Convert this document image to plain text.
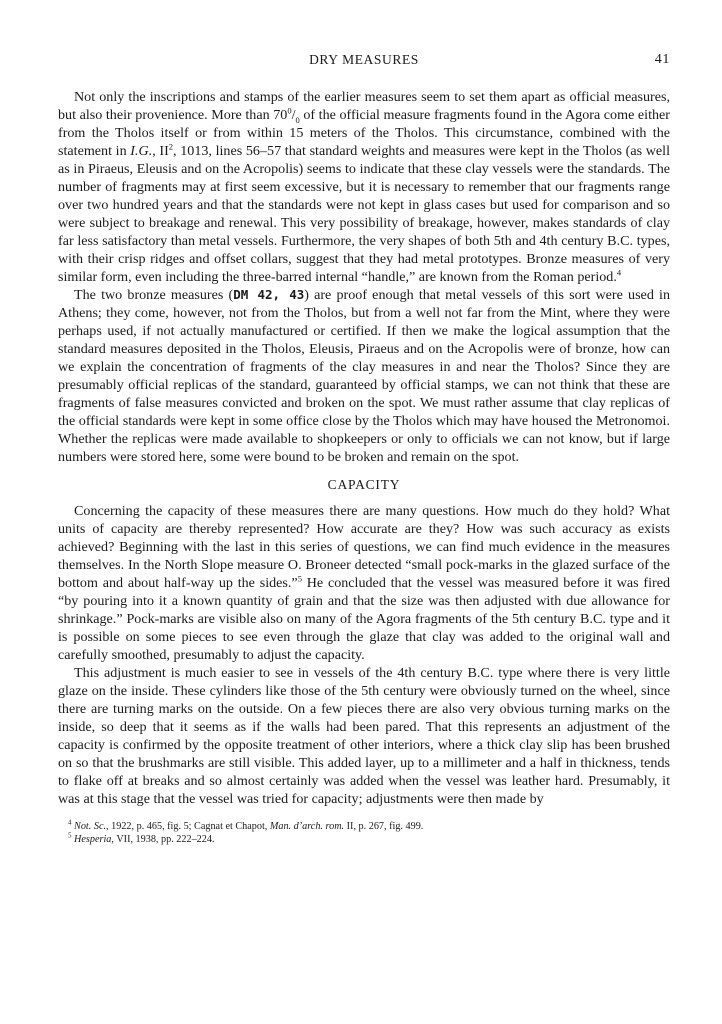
DRY MEASURES	41

Not only the inscriptions and stamps of the earlier measures seem to set them apart as official measures, but also their provenience. More than $70^0/_0$ of the official measure fragments found in the Agora come either from the Tholos itself or from within 15 meters of the Tholos. This circumstance, combined with the statement in I.G., $II^2$, 1013, lines 56–57 that standard weights and measures were kept in the Tholos (as well as in Piraeus, Eleusis and on the Acropolis) seems to indicate that these clay vessels were the standards. The number of fragments may at first seem excessive, but it is necessary to remember that our fragments range over two hundred years and that the standards were not kept in glass cases but used for comparison and so were subject to breakage and renewal. This very possibility of breakage, however, makes standards of clay far less satisfactory than metal vessels. Furthermore, the very shapes of both 5th and 4th century B.C. types, with their crisp ridges and offset collars, suggest that they had metal prototypes. Bronze measures of very similar form, even including the three-barred internal “handle,” are known from the Roman period.$^4$

The two bronze measures (DM 42, 43) are proof enough that metal vessels of this sort were used in Athens; they come, however, not from the Tholos, but from a well not far from the Mint, where they were perhaps used, if not actually manufactured or certified. If then we make the logical assumption that the standard measures deposited in the Tholos, Eleusis, Piraeus and on the Acropolis were of bronze, how can we explain the concentration of fragments of the clay measures in and near the Tholos? Since they are presumably official replicas of the standard, guaranteed by official stamps, we can not think that these are fragments of false measures convicted and broken on the spot. We must rather assume that clay replicas of the official standards were kept in some office close by the Tholos which may have housed the Metronomoi. Whether the replicas were made available to shopkeepers or only to officials we can not know, but if large numbers were stored here, some were bound to be broken and remain on the spot.

CAPACITY

Concerning the capacity of these measures there are many questions. How much do they hold? What units of capacity are thereby represented? How accurate are they? How was such accuracy as exists achieved? Beginning with the last in this series of questions, we can find much evidence in the measures themselves. In the North Slope measure O. Broneer detected “small pock-marks in the glazed surface of the bottom and about half-way up the sides.”$^5$ He concluded that the vessel was measured before it was fired “by pouring into it a known quantity of grain and that the size was then adjusted with due allowance for shrinkage.” Pock-marks are visible also on many of the Agora fragments of the 5th century B.C. type and it is possible on some pieces to see even through the glaze that clay was added to the original wall and carefully smoothed, presumably to adjust the capacity.

This adjustment is much easier to see in vessels of the 4th century B.C. type where there is very little glaze on the inside. These cylinders like those of the 5th century were obviously turned on the wheel, since there are turning marks on the outside. On a few pieces there are also very obvious turning marks on the inside, so deep that it seems as if the walls had been pared. That this represents an adjustment of the capacity is confirmed by the opposite treatment of other interiors, where a thick clay slip has been brushed on so that the brushmarks are still visible. This added layer, up to a millimeter and a half in thickness, tends to flake off at breaks and so almost certainly was added when the vessel was leather hard. Presumably, it was at this stage that the vessel was tried for capacity; adjustments were then made by

$^4$ Not. Sc., 1922, p. 465, fig. 5; Cagnat et Chapot, Man. d’arch. rom. II, p. 267, fig. 499.

$^5$ Hesperia, VII, 1938, pp. 222–224.
